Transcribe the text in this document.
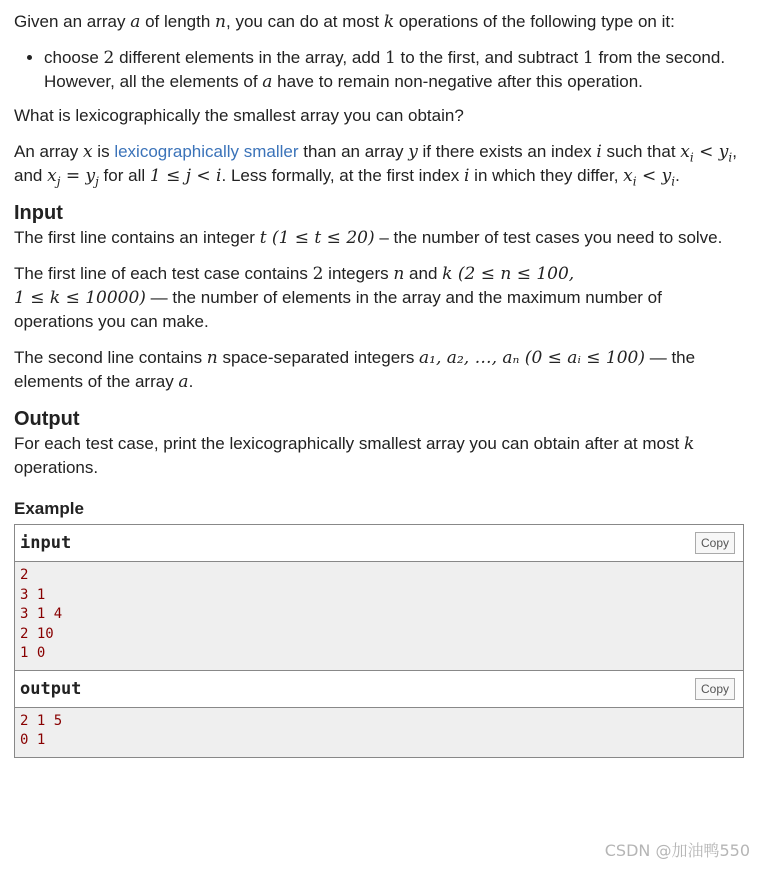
Given an array a of length n, you can do at most k operations of the following type on it:

• choose 2 different elements in the array, add 1 to the first, and subtract 1 from the second. However, all the elements of a have to remain non-negative after this operation.

What is lexicographically the smallest array you can obtain?

An array x is lexicographically smaller than an array y if there exists an index i such that $x_i < y_i$, and $x_j = y_j$ for all 1 ≤ j < i. Less formally, at the first index i in which they differ, $x_i < y_i$.

Input

The first line contains an integer t (1 ≤ t ≤ 20) – the number of test cases you need to solve.

The first line of each test case contains 2 integers n and k (2 ≤ n ≤ 100,
1 ≤ k ≤ 10000) — the number of elements in the array and the maximum number of operations you can make.

The second line contains n space-separated integers a₁, a₂, …, aₙ (0 ≤ aᵢ ≤ 100) — the elements of the array a.

Output

For each test case, print the lexicographically smallest array you can obtain after at most k operations.

Example
input	Copy
2
3 1
3 1 4
2 10
1 0
output	Copy
2 1 5
0 1
CSDN @加油鸭550
